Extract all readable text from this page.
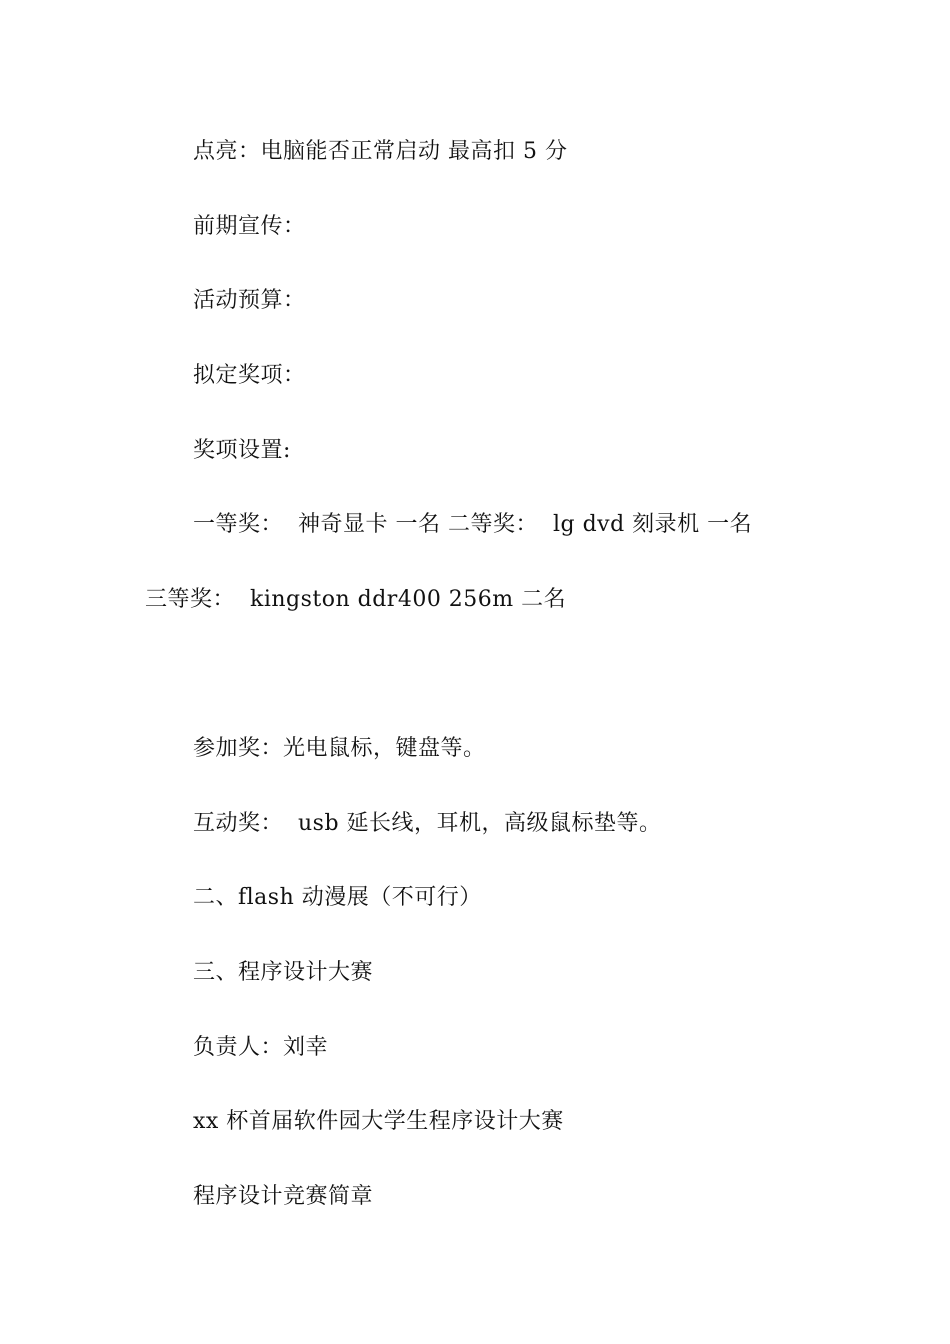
点亮：电脑能否正常启动 最高扣 5 分
前期宣传：
活动预算：
拟定奖项：
奖项设置:
一等奖：  神奇显卡 一名 二等奖：  lg dvd 刻录机 一名
三等奖：  kingston ddr400 256m 二名
参加奖：光电鼠标，键盘等。
互动奖：  usb 延长线，耳机，高级鼠标垫等。
二、flash 动漫展（不可行）
三、程序设计大赛
负责人：刘幸
xx 杯首届软件园大学生程序设计大赛
程序设计竞赛简章
